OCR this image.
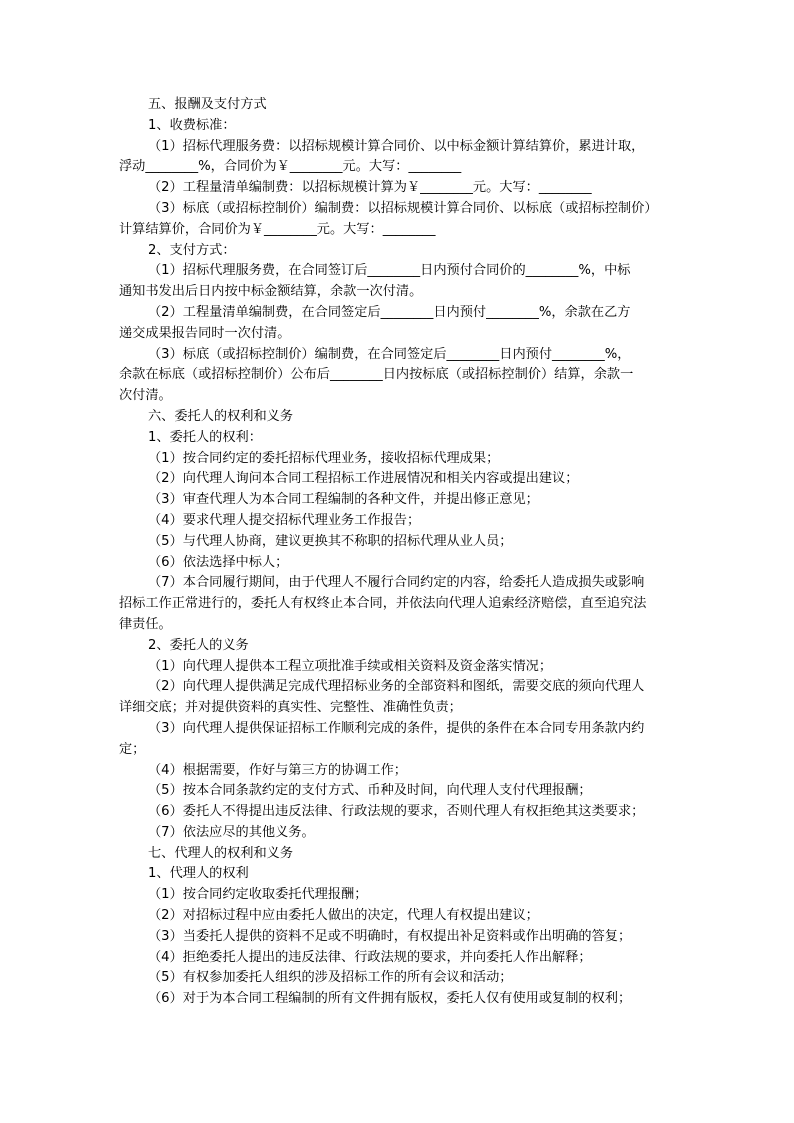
五、报酬及支付方式
1、收费标准：
（1）招标代理服务费：以招标规模计算合同价、以中标金额计算结算价，累进计取，
浮动________%，合同价为￥________元。大写：________
（2）工程量清单编制费：以招标规模计算为￥________元。大写：________
（3）标底（或招标控制价）编制费：以招标规模计算合同价、以标底（或招标控制价）
计算结算价，合同价为￥________元。大写：________
2、支付方式：
（1）招标代理服务费，在合同签订后________日内预付合同价的________%，中标
通知书发出后日内按中标金额结算，余款一次付清。
（2）工程量清单编制费，在合同签定后________日内预付________%，余款在乙方
递交成果报告同时一次付清。
（3）标底（或招标控制价）编制费，在合同签定后________日内预付________%，
余款在标底（或招标控制价）公布后________日内按标底（或招标控制价）结算，余款一
次付清。
六、委托人的权利和义务
1、委托人的权利：
（1）按合同约定的委托招标代理业务，接收招标代理成果；
（2）向代理人询问本合同工程招标工作进展情况和相关内容或提出建议；
（3）审查代理人为本合同工程编制的各种文件，并提出修正意见；
（4）要求代理人提交招标代理业务工作报告；
（5）与代理人协商，建议更换其不称职的招标代理从业人员；
（6）依法选择中标人；
（7）本合同履行期间，由于代理人不履行合同约定的内容，给委托人造成损失或影响
招标工作正常进行的，委托人有权终止本合同，并依法向代理人追索经济赔偿，直至追究法
律责任。
2、委托人的义务
（1）向代理人提供本工程立项批准手续或相关资料及资金落实情况；
（2）向代理人提供满足完成代理招标业务的全部资料和图纸，需要交底的须向代理人
详细交底；并对提供资料的真实性、完整性、准确性负责；
（3）向代理人提供保证招标工作顺利完成的条件，提供的条件在本合同专用条款内约
定；
（4）根据需要，作好与第三方的协调工作；
（5）按本合同条款约定的支付方式、币种及时间，向代理人支付代理报酬；
（6）委托人不得提出违反法律、行政法规的要求，否则代理人有权拒绝其这类要求；
（7）依法应尽的其他义务。
七、代理人的权利和义务
1、代理人的权利
（1）按合同约定收取委托代理报酬；
（2）对招标过程中应由委托人做出的决定，代理人有权提出建议；
（3）当委托人提供的资料不足或不明确时，有权提出补足资料或作出明确的答复；
（4）拒绝委托人提出的违反法律、行政法规的要求，并向委托人作出解释；
（5）有权参加委托人组织的涉及招标工作的所有会议和活动；
（6）对于为本合同工程编制的所有文件拥有版权，委托人仅有使用或复制的权利；
